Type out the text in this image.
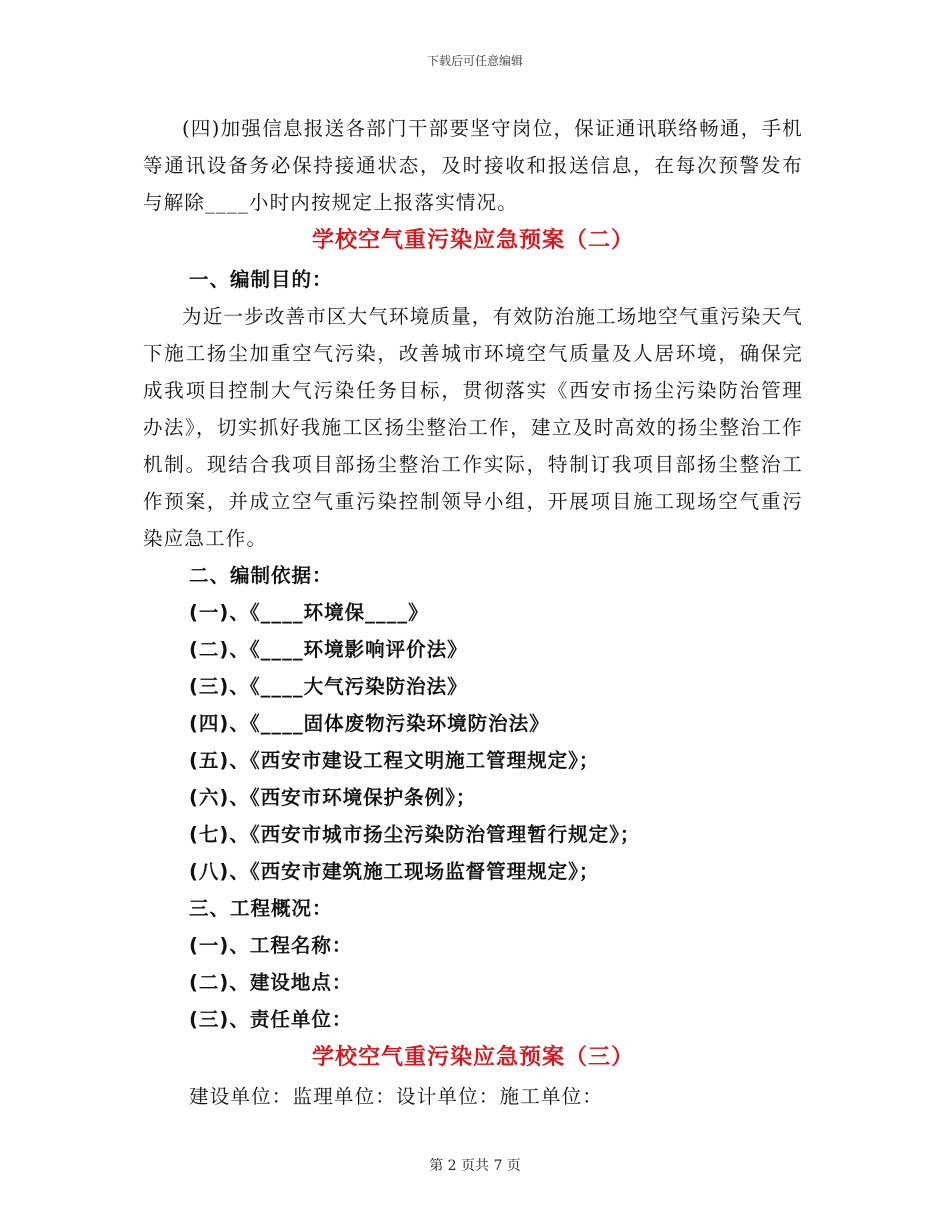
下载后可任意编辑

(四)加强信息报送各部门干部要坚守岗位，保证通讯联络畅通，手机等通讯设备务必保持接通状态，及时接收和报送信息，在每次预警发布与解除____小时内按规定上报落实情况。

学校空气重污染应急预案（二）

一、编制目的：

为近一步改善市区大气环境质量，有效防治施工场地空气重污染天气下施工扬尘加重空气污染，改善城市环境空气质量及人居环境，确保完成我项目控制大气污染任务目标，贯彻落实《西安市扬尘污染防治管理办法》，切实抓好我施工区扬尘整治工作，建立及时高效的扬尘整治工作机制。现结合我项目部扬尘整治工作实际，特制订我项目部扬尘整治工作预案，并成立空气重污染控制领导小组，开展项目施工现场空气重污染应急工作。

二、编制依据：

(一)、《____环境保____》

(二)、《____环境影响评价法》

(三)、《____大气污染防治法》

(四)、《____固体废物污染环境防治法》

(五)、《西安市建设工程文明施工管理规定》；

(六)、《西安市环境保护条例》；

(七)、《西安市城市扬尘污染防治管理暂行规定》；

(八)、《西安市建筑施工现场监督管理规定》；

三、工程概况：

(一)、工程名称：

(二)、建设地点：

(三)、责任单位：

学校空气重污染应急预案（三）

建设单位：监理单位：设计单位：施工单位：

第 2 页共 7 页
